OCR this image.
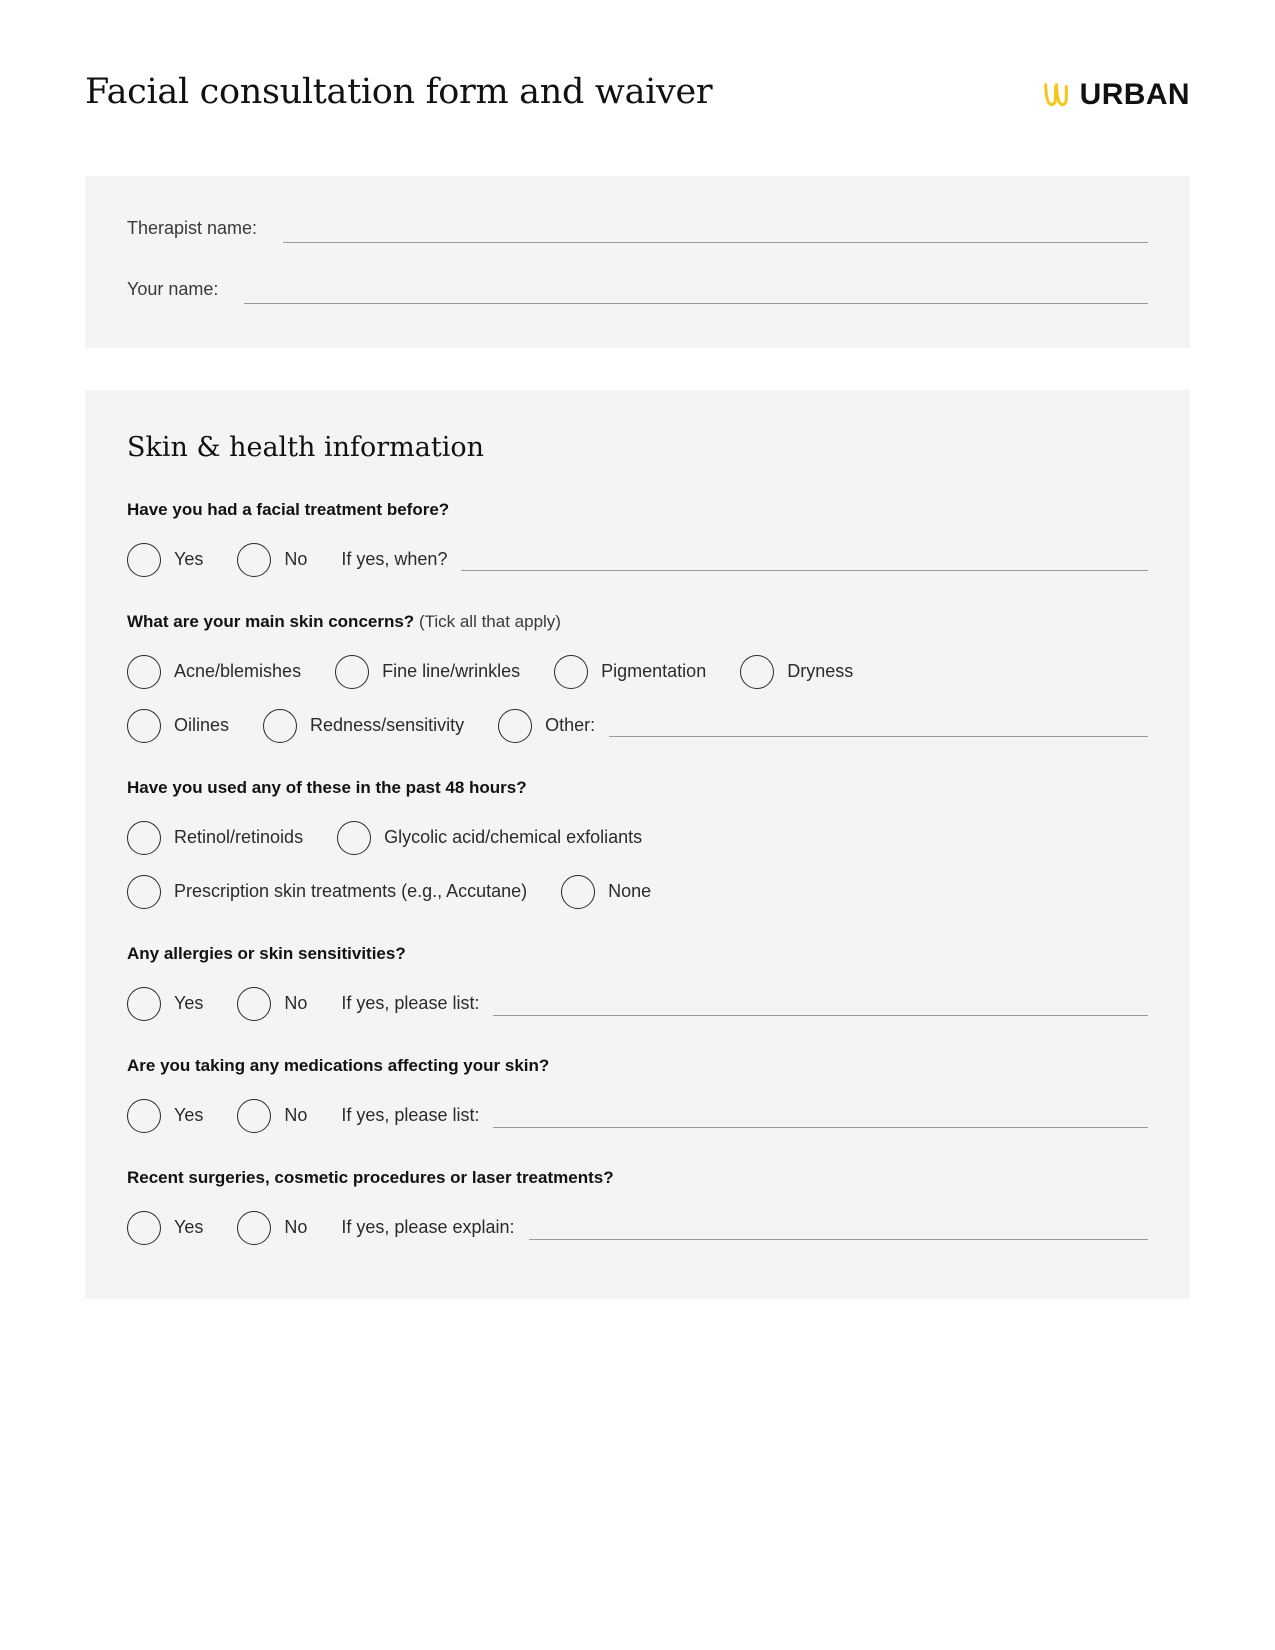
Facial consultation form and waiver	URBAN
Therapist name:
Your name:
Skin & health information

Have you had a facial treatment before?

Yes	No If yes, when?

What are your main skin concerns? (Tick all that apply)

Acne/blemishes	Fine line/wrinkles	Pigmentation	Dryness
Oilines	Redness/sensitivity	Other:

Have you used any of these in the past 48 hours?

Retinol/retinoids	Glycolic acid/chemical exfoliants
Prescription skin treatments (e.g., Accutane)	None

Any allergies or skin sensitivities?

Yes	No If yes, please list:

Are you taking any medications affecting your skin?

Yes	No If yes, please list:

Recent surgeries, cosmetic procedures or laser treatments?

Yes	No If yes, please explain:
